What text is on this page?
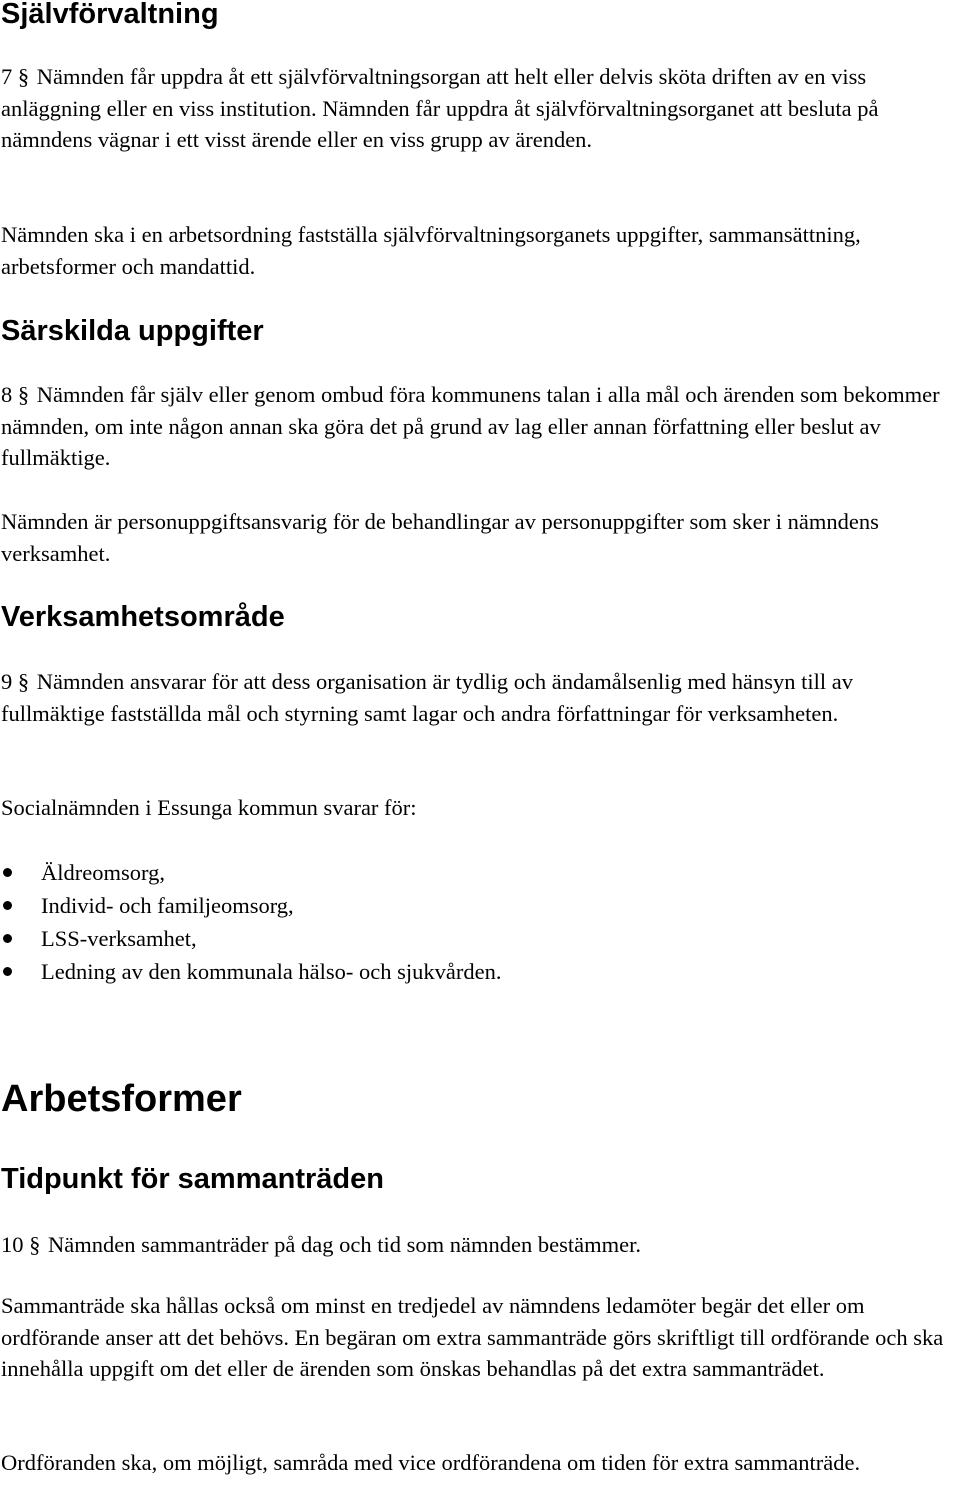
Självförvaltning

7 § Nämnden får uppdra åt ett självförvaltningsorgan att helt eller delvis sköta driften av en viss anläggning eller en viss institution. Nämnden får uppdra åt självförvaltningsorganet att besluta på nämndens vägnar i ett visst ärende eller en viss grupp av ärenden.

Nämnden ska i en arbetsordning fastställa självförvaltningsorganets uppgifter, sammansättning, arbetsformer och mandattid.

Särskilda uppgifter

8 § Nämnden får själv eller genom ombud föra kommunens talan i alla mål och ärenden som bekommer nämnden, om inte någon annan ska göra det på grund av lag eller annan författning eller beslut av fullmäktige.

Nämnden är personuppgiftsansvarig för de behandlingar av personuppgifter som sker i nämndens verksamhet.

Verksamhetsområde

9 § Nämnden ansvarar för att dess organisation är tydlig och ändamålsenlig med hänsyn till av fullmäktige fastställda mål och styrning samt lagar och andra författningar för verksamheten.

Socialnämnden i Essunga kommun svarar för:

Äldreomsorg,
Individ- och familjeomsorg,
LSS-verksamhet,
Ledning av den kommunala hälso- och sjukvården.
Arbetsformer
Tidpunkt för sammanträden

10 § Nämnden sammanträder på dag och tid som nämnden bestämmer.

Sammanträde ska hållas också om minst en tredjedel av nämndens ledamöter begär det eller om ordförande anser att det behövs. En begäran om extra sammanträde görs skriftligt till ordförande och ska innehålla uppgift om det eller de ärenden som önskas behandlas på det extra sammanträdet.

Ordföranden ska, om möjligt, samråda med vice ordförandena om tiden för extra sammanträde.
